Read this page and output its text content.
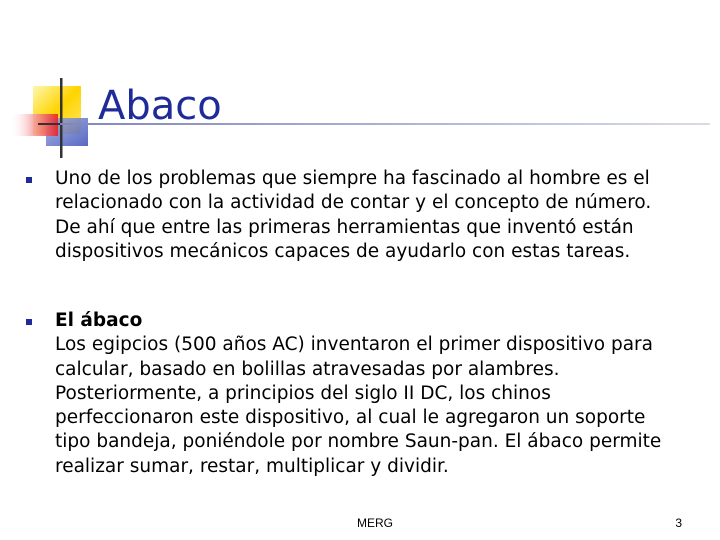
Abaco
Uno de los problemas que siempre ha fascinado al hombre es el
relacionado con la actividad de contar y el concepto de número.
De ahí que entre las primeras herramientas que inventó están
dispositivos mecánicos capaces de ayudarlo con estas tareas.
El ábaco
Los egipcios (500 años AC) inventaron el primer dispositivo para
calcular, basado en bolillas atravesadas por alambres.
Posteriormente, a principios del siglo II DC, los chinos
perfeccionaron este dispositivo, al cual le agregaron un soporte
tipo bandeja, poniéndole por nombre Saun-pan. El ábaco permite
realizar sumar, restar, multiplicar y dividir.
MERG	3
